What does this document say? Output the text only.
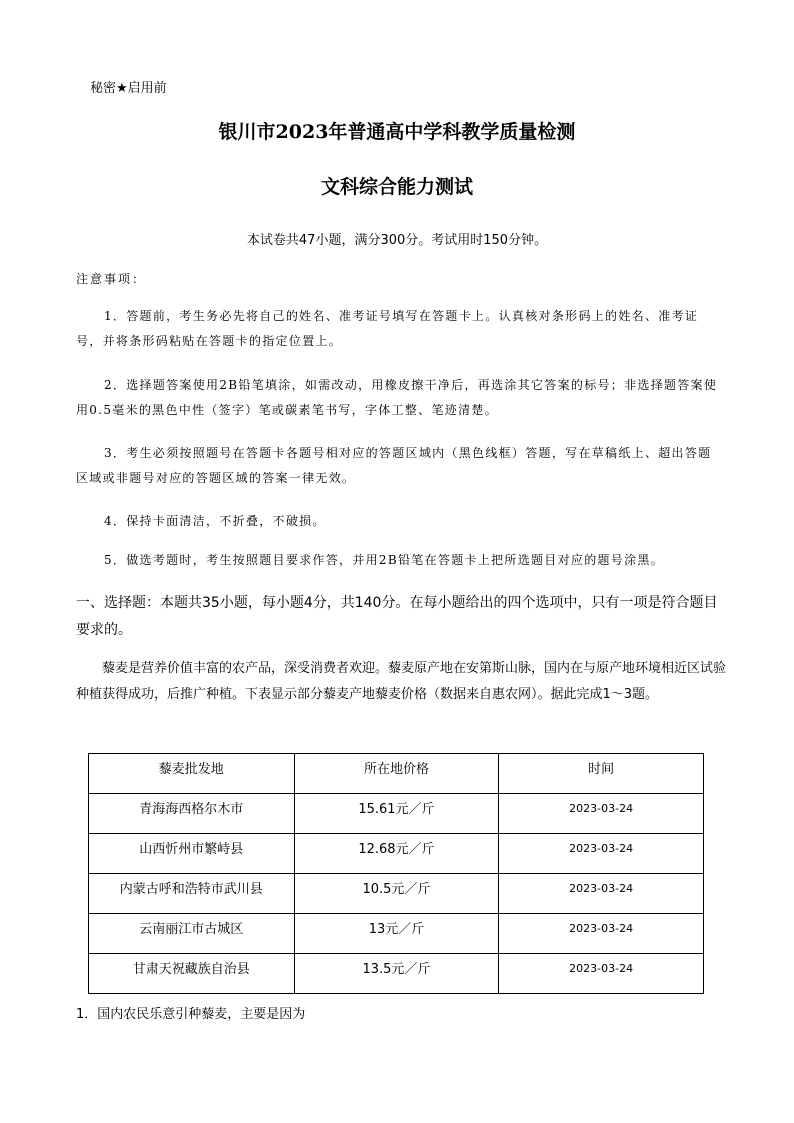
秘密★启用前
银川市2023年普通高中学科教学质量检测
文科综合能力测试
本试卷共47小题，满分300分。考试用时150分钟。
注意事项：
1．答题前，考生务必先将自己的姓名、准考证号填写在答题卡上。认真核对条形码上的姓名、准考证号，并将条形码粘贴在答题卡的指定位置上。
2．选择题答案使用2B铅笔填涂，如需改动，用橡皮擦干净后，再选涂其它答案的标号；非选择题答案使用0.5毫米的黑色中性（签字）笔或碳素笔书写，字体工整、笔迹清楚。
3．考生必须按照题号在答题卡各题号相对应的答题区域内（黑色线框）答题，写在草稿纸上、超出答题区域或非题号对应的答题区域的答案一律无效。
4．保持卡面清洁，不折叠，不破损。
5．做选考题时，考生按照题目要求作答，并用2B铅笔在答题卡上把所选题目对应的题号涂黑。
一、选择题：本题共35小题，每小题4分，共140分。在每小题给出的四个选项中，只有一项是符合题目要求的。
藜麦是营养价值丰富的农产品，深受消费者欢迎。藜麦原产地在安第斯山脉，国内在与原产地环境相近区试验种植获得成功，后推广种植。下表显示部分藜麦产地藜麦价格（数据来自惠农网）。据此完成1～3题。
藜麦批发地	所在地价格	时间
青海海西格尔木市	15.61元／斤	2023-03-24
山西忻州市繁峙县	12.68元／斤	2023-03-24
内蒙古呼和浩特市武川县	10.5元／斤	2023-03-24
云南丽江市古城区	13元／斤	2023-03-24
甘肃天祝藏族自治县	13.5元／斤	2023-03-24
1．国内农民乐意引种藜麦，主要是因为
